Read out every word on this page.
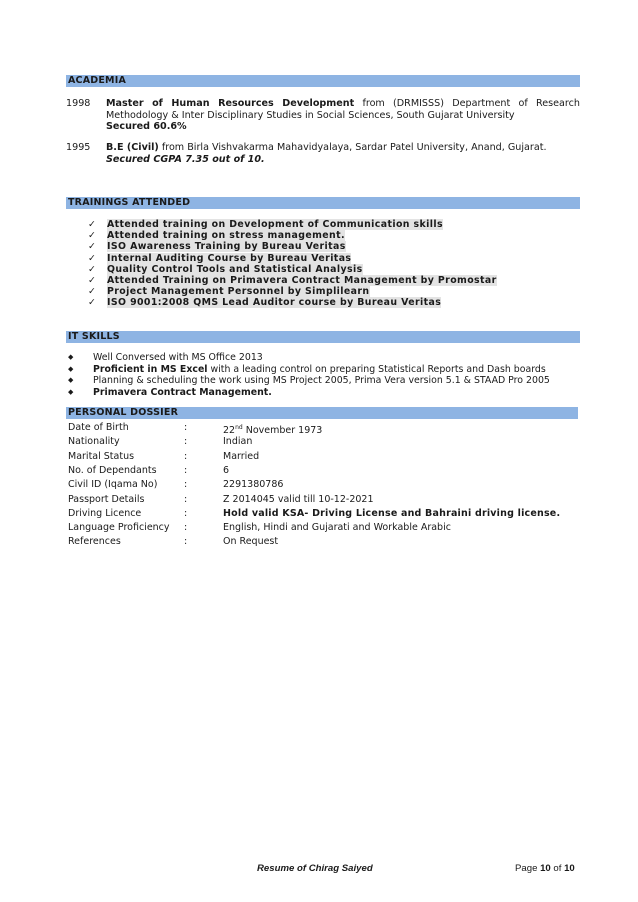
ACADEMIA
1998 Master of Human Resources Development from (DRMISSS) Department of Research
Methodology & Inter Disciplinary Studies in Social Sciences, South Gujarat University
Secured 60.6%
1995 B.E (Civil) from Birla Vishvakarma Mahavidyalaya, Sardar Patel University, Anand, Gujarat.
Secured CGPA 7.35 out of 10.
TRAININGS ATTENDED
✓ Attended training on Development of Communication skills
✓ Attended training on stress management.
✓ ISO Awareness Training by Bureau Veritas
✓ Internal Auditing Course by Bureau Veritas
✓ Quality Control Tools and Statistical Analysis
✓ Attended Training on Primavera Contract Management by Promostar
✓ Project Management Personnel by Simplilearn
✓ ISO 9001:2008 QMS Lead Auditor course by Bureau Veritas
IT SKILLS
◆ Well Conversed with MS Office 2013
◆ Proficient in MS Excel with a leading control on preparing Statistical Reports and Dash boards
◆ Planning & scheduling the work using MS Project 2005, Prima Vera version 5.1 & STAAD Pro 2005
◆ Primavera Contract Management.
PERSONAL DOSSIER
Date of Birth	:	22nd November 1973
Nationality	:	Indian
Marital Status	:	Married
No. of Dependants	:	6
Civil ID (Iqama No)	:	2291380786
Passport Details	:	Z 2014045 valid till 10-12-2021
Driving Licence	:	Hold valid KSA- Driving License and Bahraini driving license.
Language Proficiency :	English, Hindi and Gujarati and Workable Arabic
References	:	On Request
Resume of Chirag Saiyed	Page 10 of 10
